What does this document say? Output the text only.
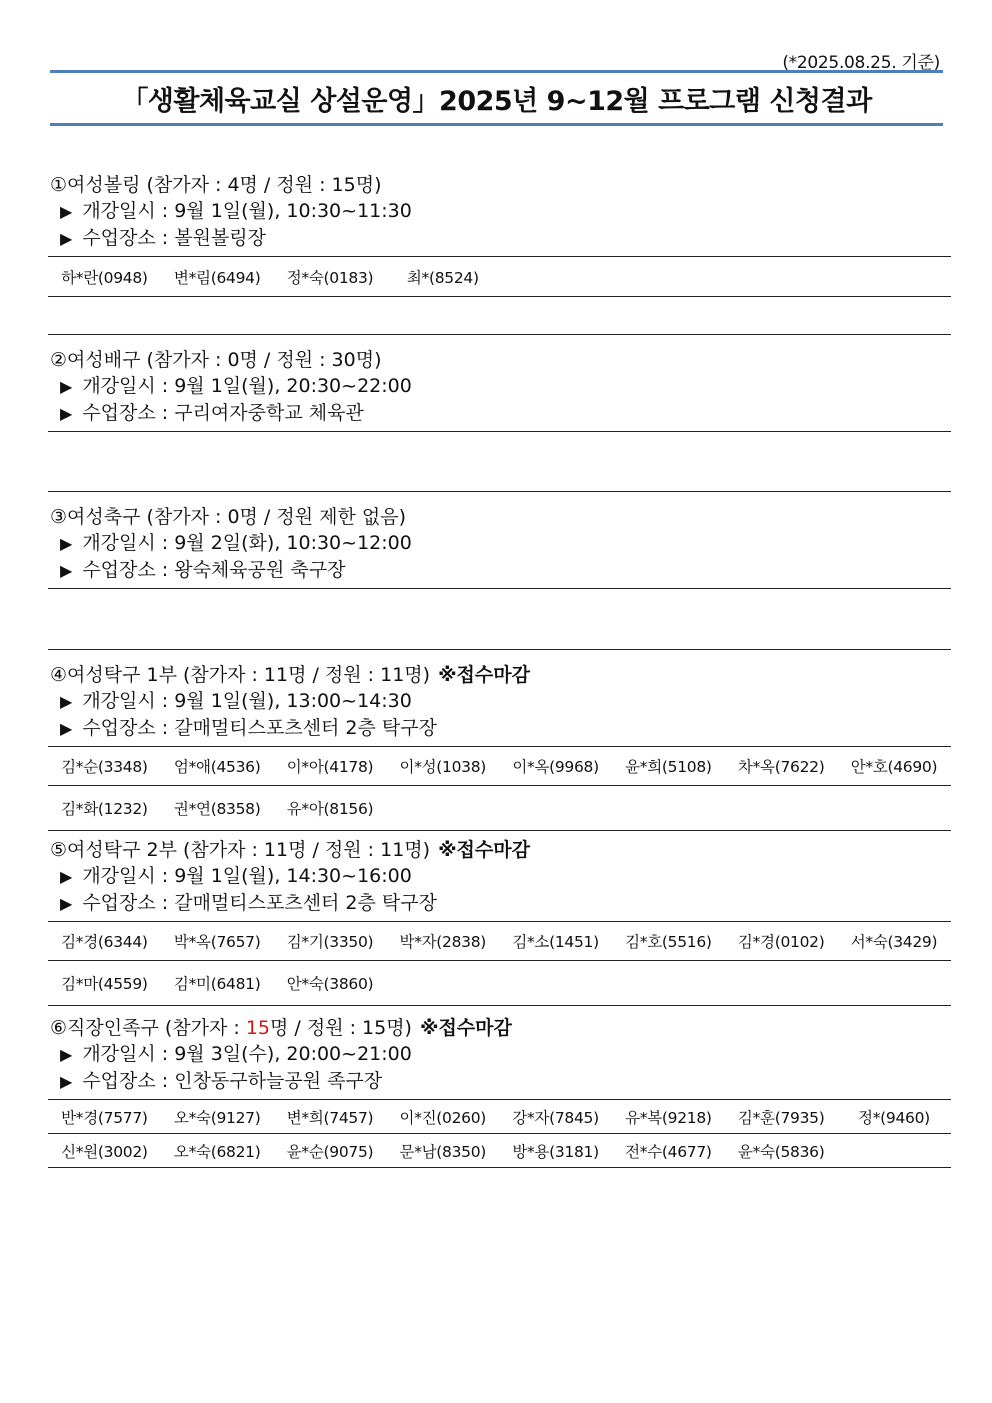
(*2025.08.25. 기준)
「생활체육교실 상설운영」2025년 9~12월 프로그램 신청결과
①여성볼링 (참가자 : 4명 / 정원 : 15명)
▶ 개강일시 : 9월 1일(월), 10:30~11:30
▶ 수업장소 : 볼원볼링장
하*란(0948)	변*림(6494)	정*숙(0183)	최*(8524)
②여성배구 (참가자 : 0명 / 정원 : 30명)
▶ 개강일시 : 9월 1일(월), 20:30~22:00
▶ 수업장소 : 구리여자중학교 체육관
③여성축구 (참가자 : 0명 / 정원 제한 없음)
▶ 개강일시 : 9월 2일(화), 10:30~12:00
▶ 수업장소 : 왕숙체육공원 축구장
④여성탁구 1부 (참가자 : 11명 / 정원 : 11명) ※접수마감
▶ 개강일시 : 9월 1일(월), 13:00~14:30
▶ 수업장소 : 갈매멀티스포츠센터 2층 탁구장
김*순(3348)	엄*애(4536)	이*아(4178)	이*성(1038)	이*옥(9968)	윤*희(5108)	차*옥(7622)	안*호(4690)
김*화(1232)	권*연(8358)	유*아(8156)
⑤여성탁구 2부 (참가자 : 11명 / 정원 : 11명) ※접수마감
▶ 개강일시 : 9월 1일(월), 14:30~16:00
▶ 수업장소 : 갈매멀티스포츠센터 2층 탁구장
김*경(6344)	박*옥(7657)	김*기(3350)	박*자(2838)	김*소(1451)	김*호(5516)	김*경(0102)	서*숙(3429)
김*마(4559)	김*미(6481)	안*숙(3860)
⑥직장인족구 (참가자 : 15명 / 정원 : 15명) ※접수마감
▶ 개강일시 : 9월 3일(수), 20:00~21:00
▶ 수업장소 : 인창동구하늘공원 족구장
반*경(7577)	오*숙(9127)	변*희(7457)	이*진(0260)	강*자(7845)	유*복(9218)	김*훈(7935)	정*(9460)
신*원(3002)	오*숙(6821)	윤*순(9075)	문*남(8350)	방*용(3181)	전*수(4677)	윤*숙(5836)
